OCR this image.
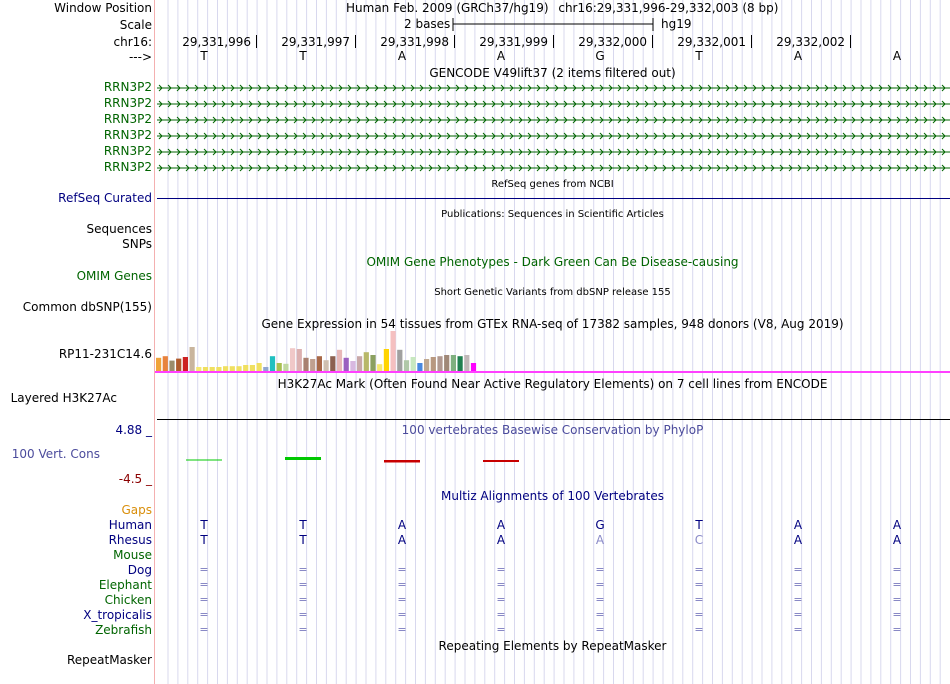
Window Position
Scale
chr16:
--->
Human Feb. 2009 (GRCh37/hg19) chr16:29,331,996-29,332,003 (8 bp)
2 bases	hg19
29,331,996	29,331,997	29,331,998	29,331,999	29,332,000	29,332,001	29,332,002
T	T	A	A	G	T	A	A
GENCODE V49lift37 (2 items filtered out)
RRN3P2
RRN3P2
RRN3P2
RRN3P2
RRN3P2
RRN3P2
RefSeq genes from NCBI
RefSeq Curated
Publications: Sequences in Scientific Articles
Sequences
SNPs
OMIM Gene Phenotypes - Dark Green Can Be Disease-causing
OMIM Genes
Short Genetic Variants from dbSNP release 155
Common dbSNP(155)
Gene Expression in 54 tissues from GTEx RNA-seq of 17382 samples, 948 donors (V8, Aug 2019)
RP11-231C14.6
H3K27Ac Mark (Often Found Near Active Regulatory Elements) on 7 cell lines from ENCODE
Layered H3K27Ac
100 vertebrates Basewise Conservation by PhyloP
4.88 _
100 Vert. Cons
-4.5 _
Multiz Alignments of 100 Vertebrates
Gaps
Human	T	T	A	A	G	T	A	A
Rhesus	T	T	A	A	A	C	A	A
Mouse
Dog	=	=	=	=	=	=	=	=
Elephant	=	=	=	=	=	=	=	=
Chicken	=	=	=	=	=	=	=	=
X_tropicalis	=	=	=	=	=	=	=	=
Zebrafish	=	=	=	=	=	=	=	=
Repeating Elements by RepeatMasker
RepeatMasker
